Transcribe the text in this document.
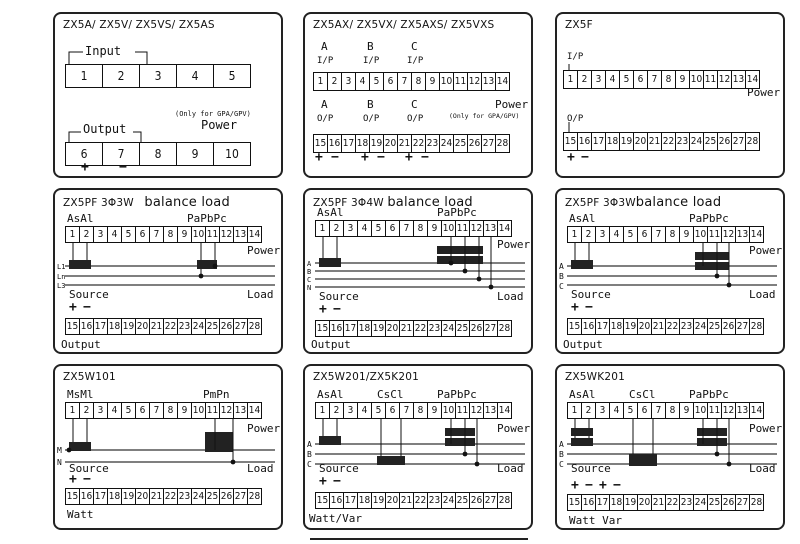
ZX5A/ ZX5V/ ZX5VS/ ZX5AS
Input
1	2	3	4	5
Output
(Only for GPA/GPV)
Power
6	7	8	9	10
+ −
ZX5AX/ ZX5VX/ ZX5AXS/ ZX5VXS
A	B	C
I/P	I/P	I/P
1 2 3 4 5 6 7 8 9 10 11 12 13 14
A	B	C	Power
O/P	O/P	O/P	(Only for GPA/GPV)
15 16 17 18 19 20 21 22 23 24 25 26 27 28
+ − + − + −
ZX5F
I/P
1 2 3 4 5 6 7 8 9 10 11 12 13 14
Power
O/P
15 16 17 18 19 20 21 22 23 24 25 26 27 28
+ −
ZX5PF 3Φ3W balance load
AsAl	PaPbPc
1 2 3 4 5 6 7 8 9 10 11 12 13 14
Power
L1
Ln
L3
Source	Load
+ −
15 16 17 18 19 20 21 22 23 24 25 26 27 28
Output
ZX5PF 3Φ4W balance load
AsAl	PaPbPc
1 2 3 4 5 6 7 8 9 10 11 12 13 14
Power
A
B
C
N
Source	Load
+ −
15 16 17 18 19 20 21 22 23 24 25 26 27 28
Output
ZX5PF 3Φ3Wbalance load
AsAl	PaPbPc
1 2 3 4 5 6 7 8 9 10 11 12 13 14
Power
A
B
C
Source	Load
+ −
15 16 17 18 19 20 21 22 23 24 25 26 27 28
Output
ZX5W101
MsMl	PmPn
1 2 3 4 5 6 7 8 9 10 11 12 13 14
Power
M
N Source	Load
+ −
15 16 17 18 19 20 21 22 23 24 25 26 27 28
Watt
ZX5W201/ZX5K201
AsAl	CsCl	PaPbPc
1 2 3 4 5 6 7 8 9 10 11 12 13 14
Power
A
B
C Source	Load
+ −
15 16 17 18 19 20 21 22 23 24 25 26 27 28
Watt/Var
ZX5WK201
AsAl	CsCl	PaPbPc
1 2 3 4 5 6 7 8 9 10 11 12 13 14
Power
A
B
C Source	Load
+ − + −
15 16 17 18 19 20 21 22 23 24 25 26 27 28
Watt Var
